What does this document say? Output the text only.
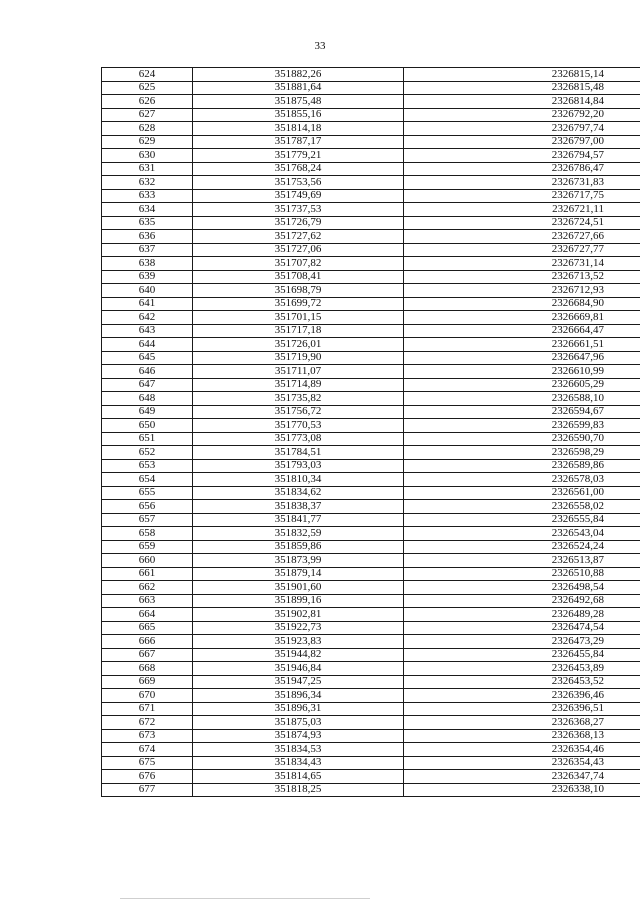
33
624	351882,26	2326815,14
625	351881,64	2326815,48
626	351875,48	2326814,84
627	351855,16	2326792,20
628	351814,18	2326797,74
629	351787,17	2326797,00
630	351779,21	2326794,57
631	351768,24	2326786,47
632	351753,56	2326731,83
633	351749,69	2326717,75
634	351737,53	2326721,11
635	351726,79	2326724,51
636	351727,62	2326727,66
637	351727,06	2326727,77
638	351707,82	2326731,14
639	351708,41	2326713,52
640	351698,79	2326712,93
641	351699,72	2326684,90
642	351701,15	2326669,81
643	351717,18	2326664,47
644	351726,01	2326661,51
645	351719,90	2326647,96
646	351711,07	2326610,99
647	351714,89	2326605,29
648	351735,82	2326588,10
649	351756,72	2326594,67
650	351770,53	2326599,83
651	351773,08	2326590,70
652	351784,51	2326598,29
653	351793,03	2326589,86
654	351810,34	2326578,03
655	351834,62	2326561,00
656	351838,37	2326558,02
657	351841,77	2326555,84
658	351832,59	2326543,04
659	351859,86	2326524,24
660	351873,99	2326513,87
661	351879,14	2326510,88
662	351901,60	2326498,54
663	351899,16	2326492,68
664	351902,81	2326489,28
665	351922,73	2326474,54
666	351923,83	2326473,29
667	351944,82	2326455,84
668	351946,84	2326453,89
669	351947,25	2326453,52
670	351896,34	2326396,46
671	351896,31	2326396,51
672	351875,03	2326368,27
673	351874,93	2326368,13
674	351834,53	2326354,46
675	351834,43	2326354,43
676	351814,65	2326347,74
677	351818,25	2326338,10
